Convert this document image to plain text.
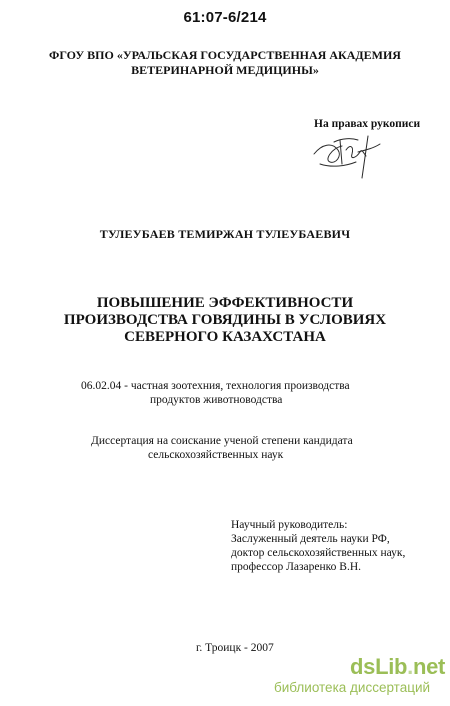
61:07-6/214
ФГОУ ВПО «УРАЛЬСКАЯ ГОСУДАРСТВЕННАЯ АКАДЕМИЯ
ВЕТЕРИНАРНОЙ МЕДИЦИНЫ»
На правах рукописи
ТУЛЕУБАЕВ ТЕМИРЖАН ТУЛЕУБАЕВИЧ
ПОВЫШЕНИЕ ЭФФЕКТИВНОСТИ
ПРОИЗВОДСТВА ГОВЯДИНЫ В УСЛОВИЯХ
СЕВЕРНОГО КАЗАХСТАНА
06.02.04 - частная зоотехния, технология производства
продуктов животноводства
Диссертация на соискание ученой степени кандидата
сельскохозяйственных наук
Научный руководитель:
Заслуженный деятель науки РФ,
доктор сельскохозяйственных наук,
профессор Лазаренко В.Н.
г. Троицк - 2007
dsLib.net
библиотека диссертаций
